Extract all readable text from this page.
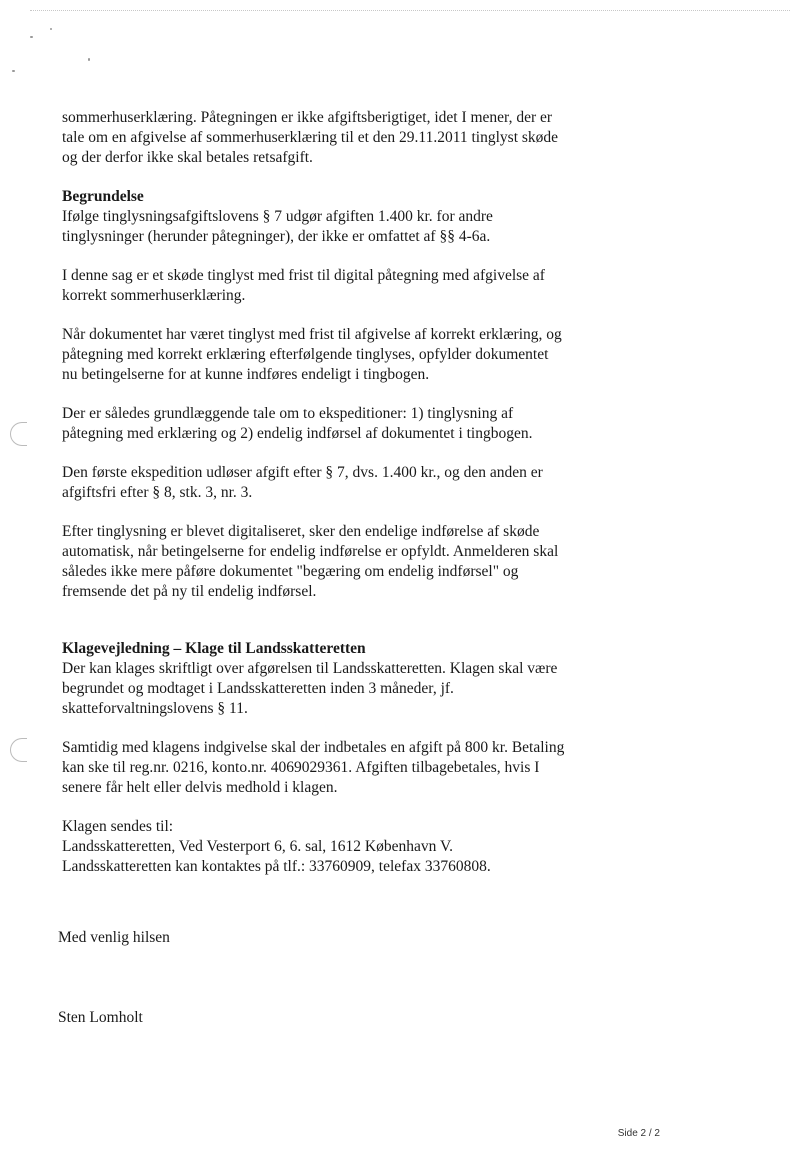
sommerhuserklæring. Påtegningen er ikke afgiftsberigtiget, idet I mener, der er
tale om en afgivelse af sommerhuserklæring til et den 29.11.2011 tinglyst skøde
og der derfor ikke skal betales retsafgift.

Begrundelse
Ifølge tinglysningsafgiftslovens § 7 udgør afgiften 1.400 kr. for andre
tinglysninger (herunder påtegninger), der ikke er omfattet af §§ 4-6a.

I denne sag er et skøde tinglyst med frist til digital påtegning med afgivelse af
korrekt sommerhuserklæring.

Når dokumentet har været tinglyst med frist til afgivelse af korrekt erklæring, og
påtegning med korrekt erklæring efterfølgende tinglyses, opfylder dokumentet
nu betingelserne for at kunne indføres endeligt i tingbogen.

Der er således grundlæggende tale om to ekspeditioner: 1) tinglysning af
påtegning med erklæring og 2) endelig indførsel af dokumentet i tingbogen.

Den første ekspedition udløser afgift efter § 7, dvs. 1.400 kr., og den anden er
afgiftsfri efter § 8, stk. 3, nr. 3.

Efter tinglysning er blevet digitaliseret, sker den endelige indførelse af skøde
automatisk, når betingelserne for endelig indførelse er opfyldt. Anmelderen skal
således ikke mere påføre dokumentet "begæring om endelig indførsel" og
fremsende det på ny til endelig indførsel.

Klagevejledning – Klage til Landsskatteretten
Der kan klages skriftligt over afgørelsen til Landsskatteretten. Klagen skal være
begrundet og modtaget i Landsskatteretten inden 3 måneder, jf.
skatteforvaltningslovens § 11.

Samtidig med klagens indgivelse skal der indbetales en afgift på 800 kr. Betaling
kan ske til reg.nr. 0216, konto.nr. 4069029361. Afgiften tilbagebetales, hvis I
senere får helt eller delvis medhold i klagen.

Klagen sendes til:
Landsskatteretten, Ved Vesterport 6, 6. sal, 1612 København V.
Landsskatteretten kan kontaktes på tlf.: 33760909, telefax 33760808.

Med venlig hilsen
Sten Lomholt
Side 2 / 2
